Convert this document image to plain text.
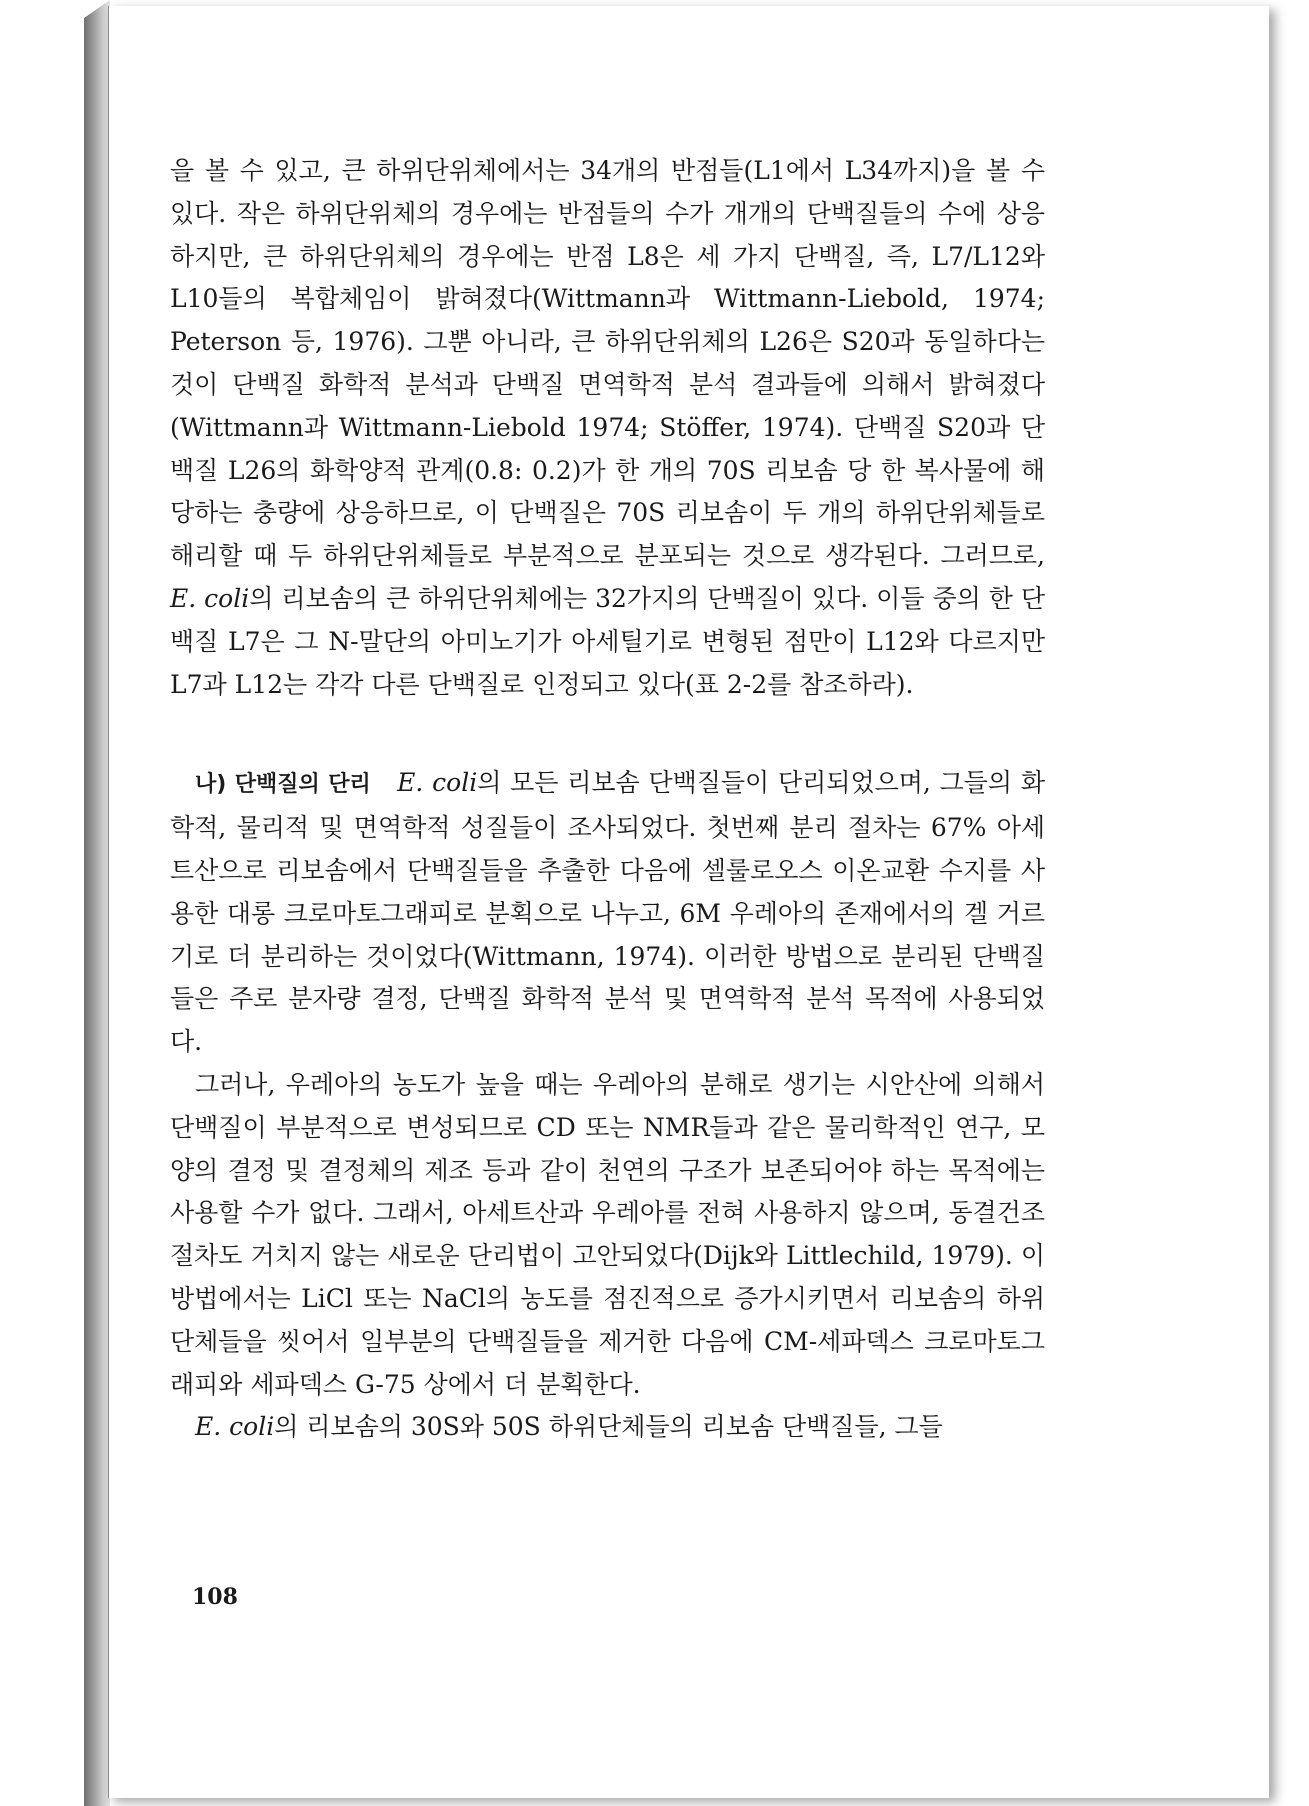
을 볼 수 있고, 큰 하위단위체에서는 34개의 반점들(L1에서 L34까지)을 볼 수 있다. 작은 하위단위체의 경우에는 반점들의 수가 개개의 단백질들의 수에 상응하지만, 큰 하위단위체의 경우에는 반점 L8은 세 가지 단백질, 즉, L7/L12와 L10들의 복합체임이 밝혀졌다(Wittmann과 Wittmann-Liebold, 1974; Peterson 등, 1976). 그뿐 아니라, 큰 하위단위체의 L26은 S20과 동일하다는 것이 단백질 화학적 분석과 단백질 면역학적 분석 결과들에 의해서 밝혀졌다(Wittmann과 Wittmann-Liebold 1974; Stöffer, 1974). 단백질 S20과 단백질 L26의 화학양적 관계(0.8: 0.2)가 한 개의 70S 리보솜 당 한 복사물에 해당하는 충량에 상응하므로, 이 단백질은 70S 리보솜이 두 개의 하위단위체들로 해리할 때 두 하위단위체들로 부분적으로 분포되는 것으로 생각된다. 그러므로, E. coli의 리보솜의 큰 하위단위체에는 32가지의 단백질이 있다. 이들 중의 한 단백질 L7은 그 N-말단의 아미노기가 아세틸기로 변형된 점만이 L12와 다르지만 L7과 L12는 각각 다른 단백질로 인정되고 있다(표 2-2를 참조하라).

나) 단백질의 단리 E. coli의 모든 리보솜 단백질들이 단리되었으며, 그들의 화학적, 물리적 및 면역학적 성질들이 조사되었다. 첫번째 분리 절차는 67% 아세트산으로 리보솜에서 단백질들을 추출한 다음에 셀룰로오스 이온교환 수지를 사용한 대롱 크로마토그래피로 분획으로 나누고, 6M 우레아의 존재에서의 겔 거르기로 더 분리하는 것이었다(Wittmann, 1974). 이러한 방법으로 분리된 단백질들은 주로 분자량 결정, 단백질 화학적 분석 및 면역학적 분석 목적에 사용되었다.

그러나, 우레아의 농도가 높을 때는 우레아의 분해로 생기는 시안산에 의해서 단백질이 부분적으로 변성되므로 CD 또는 NMR들과 같은 물리학적인 연구, 모양의 결정 및 결정체의 제조 등과 같이 천연의 구조가 보존되어야 하는 목적에는 사용할 수가 없다. 그래서, 아세트산과 우레아를 전혀 사용하지 않으며, 동결건조 절차도 거치지 않는 새로운 단리법이 고안되었다(Dijk와 Littlechild, 1979). 이 방법에서는 LiCl 또는 NaCl의 농도를 점진적으로 증가시키면서 리보솜의 하위단체들을 씻어서 일부분의 단백질들을 제거한 다음에 CM-세파덱스 크로마토그래피와 세파덱스 G-75 상에서 더 분획한다.

E. coli의 리보솜의 30S와 50S 하위단체들의 리보솜 단백질들, 그들

108
